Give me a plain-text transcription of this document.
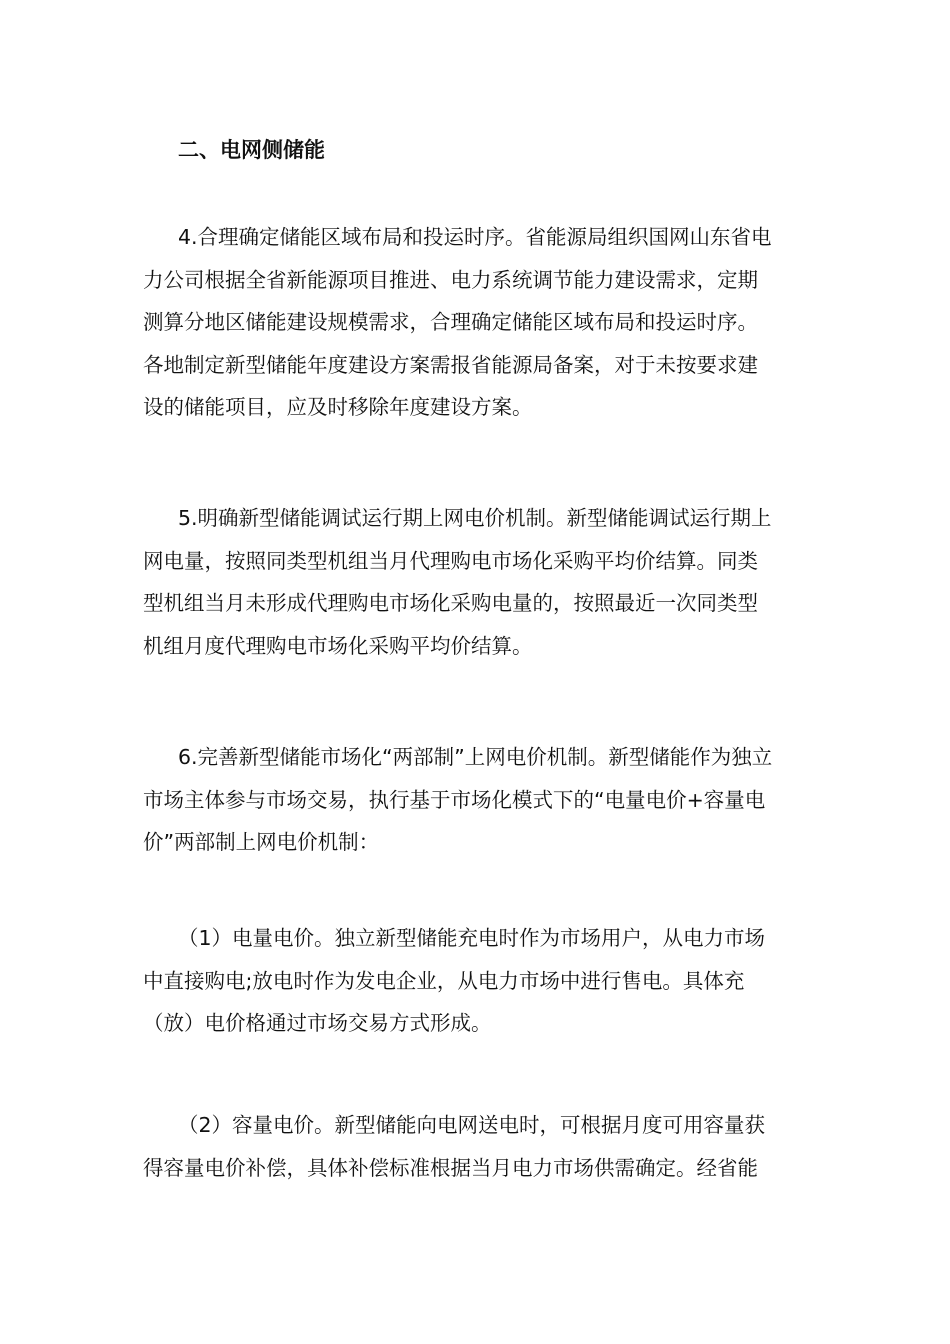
二、电网侧储能
4.合理确定储能区域布局和投运时序。省能源局组织国网山东省电
力公司根据全省新能源项目推进、电力系统调节能力建设需求，定期
测算分地区储能建设规模需求，合理确定储能区域布局和投运时序。
各地制定新型储能年度建设方案需报省能源局备案，对于未按要求建
设的储能项目，应及时移除年度建设方案。
5.明确新型储能调试运行期上网电价机制。新型储能调试运行期上
网电量，按照同类型机组当月代理购电市场化采购平均价结算。同类
型机组当月未形成代理购电市场化采购电量的，按照最近一次同类型
机组月度代理购电市场化采购平均价结算。
6.完善新型储能市场化“两部制”上网电价机制。新型储能作为独立
市场主体参与市场交易，执行基于市场化模式下的“电量电价+容量电
价”两部制上网电价机制：
（1）电量电价。独立新型储能充电时作为市场用户，从电力市场
中直接购电;放电时作为发电企业，从电力市场中进行售电。具体充
（放）电价格通过市场交易方式形成。
（2）容量电价。新型储能向电网送电时，可根据月度可用容量获
得容量电价补偿，具体补偿标准根据当月电力市场供需确定。经省能
